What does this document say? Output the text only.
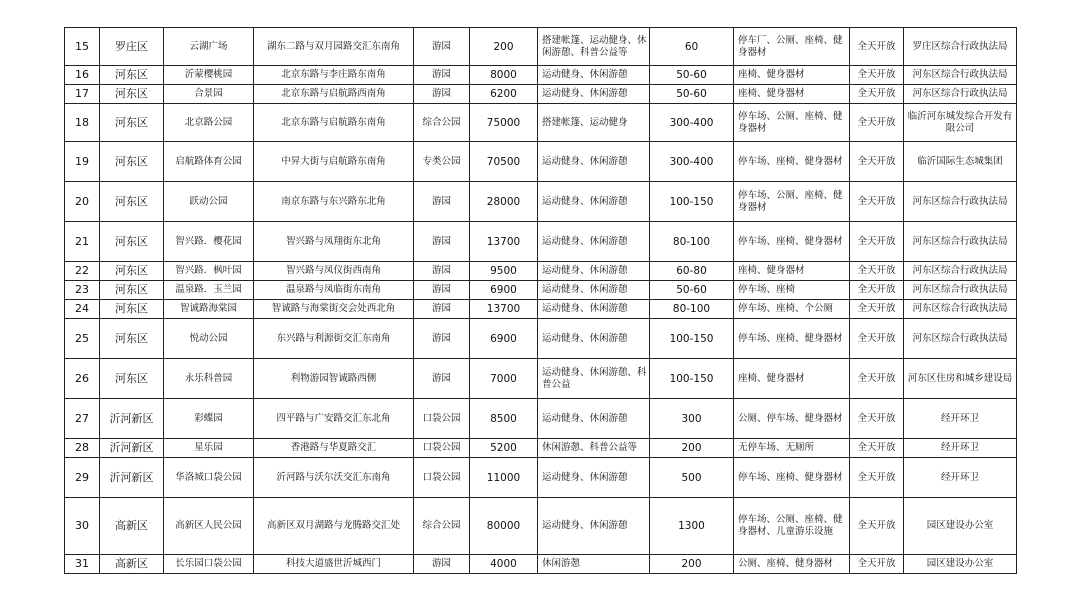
15	罗庄区	云湖广场	湖东二路与双月园路交汇东南角	游园	200	搭建帐篷、运动健身、休闲游憩、科普公益等	60	停车厂、公厕、座椅、健身器材	全天开放	罗庄区综合行政执法局
16	河东区	沂蒙樱桃园	北京东路与李庄路东南角	游园	8000	运动健身、休闲游憩	50-60	座椅、健身器材	全天开放	河东区综合行政执法局
17	河东区	合景园	北京东路与启航路西南角	游园	6200	运动健身、休闲游憩	50-60	座椅、健身器材	全天开放	河东区综合行政执法局
18	河东区	北京路公园	北京东路与启航路东南角	综合公园	75000	搭建帐篷、运动健身	300-400	停车场、公厕、座椅、健身器材	全天开放	临沂河东城发综合开发有限公司
19	河东区	启航路体育公园	中昇大街与启航路东南角	专类公园	70500	运动健身、休闲游憩	300-400	停车场、座椅、健身器材	全天开放	临沂国际生态城集团
20	河东区	跃动公园	南京东路与东兴路东北角	游园	28000	运动健身、休闲游憩	100-150	停车场、公厕、座椅、健身器材	全天开放	河东区综合行政执法局
21	河东区	智兴路．樱花园	智兴路与凤翔街东北角	游园	13700	运动健身、休闲游憩	80-100	停车场、座椅、健身器材	全天开放	河东区综合行政执法局
22	河东区	智兴路．枫叶园	智兴路与凤仪街西南角	游园	9500	运动健身、休闲游憩	60-80	座椅、健身器材	全天开放	河东区综合行政执法局
23	河东区	温泉路．玉兰园	温泉路与凤临街东南角	游园	6900	运动健身、休闲游憩	50-60	停车场、座椅	全天开放	河东区综合行政执法局
24	河东区	智诚路海棠园	智诚路与海棠街交会处西北角	游园	13700	运动健身、休闲游憩	80-100	停车场、座椅、个公厕	全天开放	河东区综合行政执法局
25	河东区	悦动公园	东兴路与利源街交汇东南角	游园	6900	运动健身、休闲游憩	100-150	停车场、座椅、健身器材	全天开放	河东区综合行政执法局
26	河东区	永乐科普园	利物游园智诚路西侧	游园	7000	运动健身、休闲游憩、科普公益	100-150	座椅、健身器材	全天开放	河东区住房和城乡建设局
27	沂河新区	彩蝶园	四平路与广安路交汇东北角	口袋公园	8500	运动健身、休闲游憩	300	公厕、停车场、健身器材	全天开放	经开环卫
28	沂河新区	星乐园	香港路与华夏路交汇	口袋公园	5200	休闲游憩、科普公益等	200	无停车场、无厕所	全天开放	经开环卫
29	沂河新区	华洛城口袋公园	沂河路与沃尔沃交汇东南角	口袋公园	11000	运动健身、休闲游憩	500	停车场、座椅、健身器材	全天开放	经开环卫
30	高新区	高新区人民公园	高新区双月湖路与龙腾路交汇处	综合公园	80000	运动健身、休闲游憩	1300	停车场、公厕、座椅、健身器材、儿童游乐设施	全天开放	园区建设办公室
31	高新区	长乐园口袋公园	科技大道盛世沂城西门	游园	4000	休闲游憩	200	公厕、座椅、健身器材	全天开放	园区建设办公室
